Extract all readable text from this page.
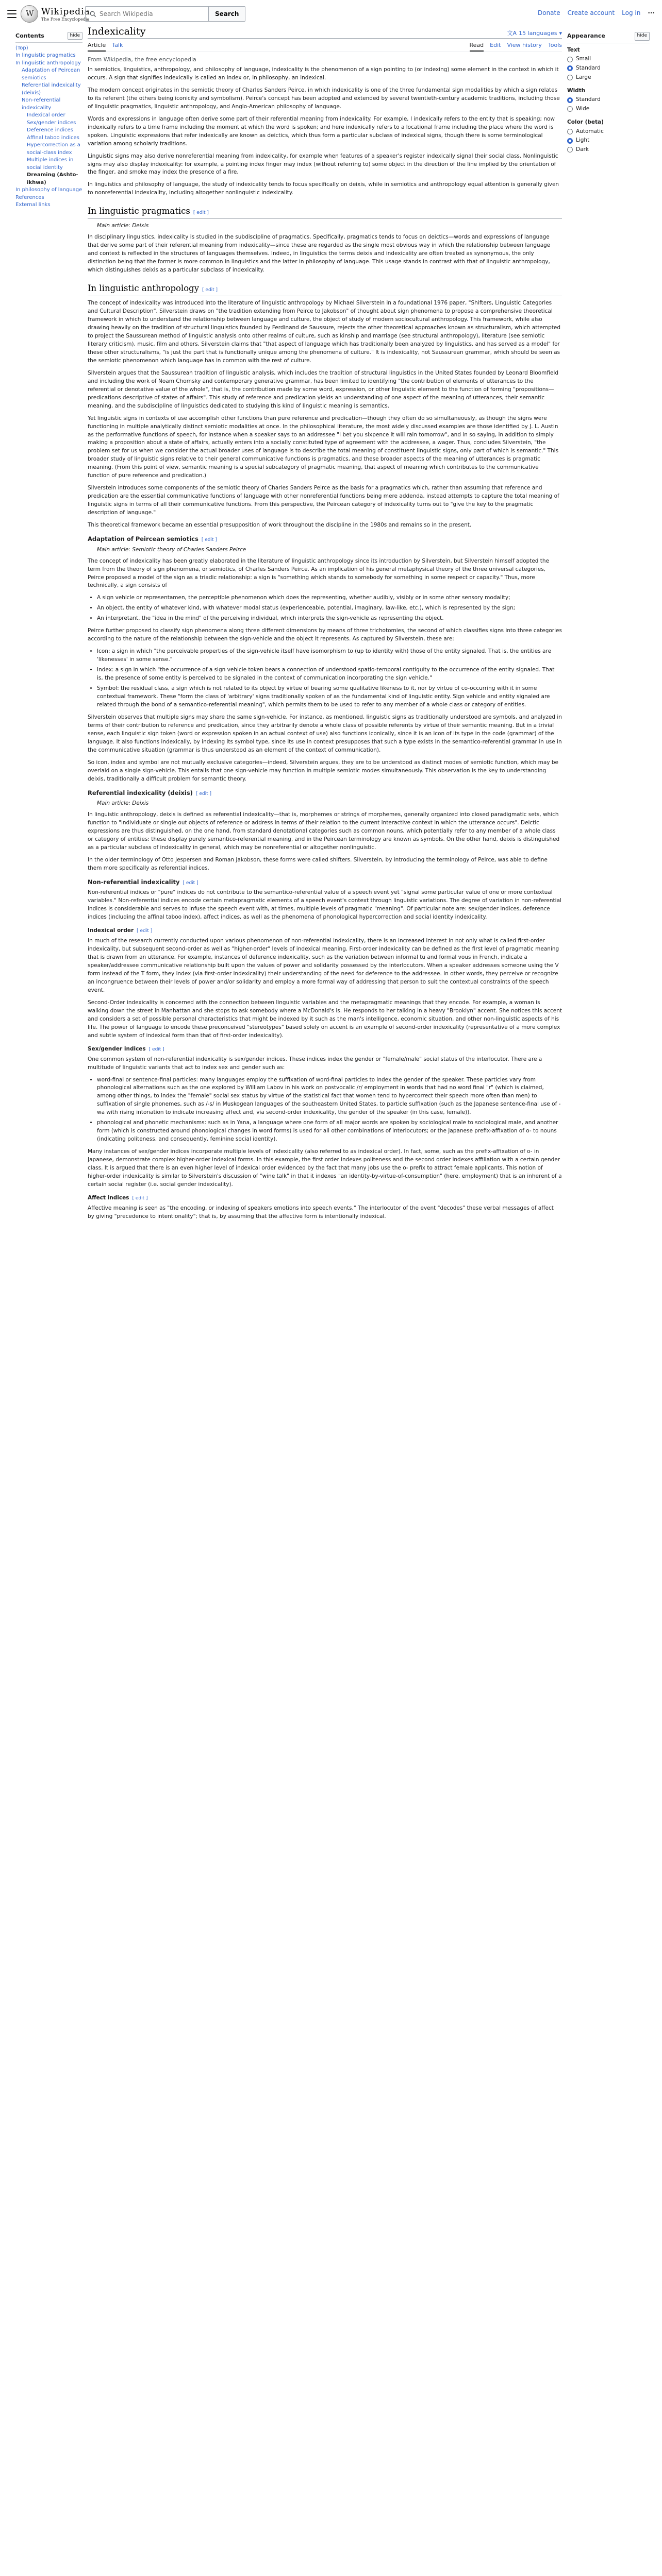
W
Wikipedia
The Free Encyclopedia
Search Wikipedia
Search	Donate Create account Log in ···
Contents	hide
(Top)
In linguistic pragmatics
In linguistic anthropology
Adaptation of Peircean semiotics
Referential indexicality (deixis)
Non-referential indexicality
Indexical order
Sex/gender indices
Deference indices
Affinal taboo indices
Hypercorrection as a social-class index
Multiple indices in social identity
Dreaming (Ashto-ikhwa)
In philosophy of language
References
External links
Indexicality	文A 15 languages ▾
Article Talk	Read Edit View history Tools
From Wikipedia, the free encyclopedia

In semiotics, linguistics, anthropology, and philosophy of language, indexicality is the phenomenon of a sign pointing to (or indexing) some element in the context in which it occurs. A sign that signifies indexically is called an index or, in philosophy, an indexical.

The modern concept originates in the semiotic theory of Charles Sanders Peirce, in which indexicality is one of the three fundamental sign modalities by which a sign relates to its referent (the others being iconicity and symbolism). Peirce's concept has been adopted and extended by several twentieth-century academic traditions, including those of linguistic pragmatics, linguistic anthropology, and Anglo-American philosophy of language.

Words and expressions in language often derive some part of their referential meaning from indexicality. For example, I indexically refers to the entity that is speaking; now indexically refers to a time frame including the moment at which the word is spoken; and here indexically refers to a locational frame including the place where the word is spoken. Linguistic expressions that refer indexically are known as deictics, which thus form a particular subclass of indexical signs, though there is some terminological variation among scholarly traditions.

Linguistic signs may also derive nonreferential meaning from indexicality, for example when features of a speaker's register indexically signal their social class. Nonlinguistic signs may also display indexicality: for example, a pointing index finger may index (without referring to) some object in the direction of the line implied by the orientation of the finger, and smoke may index the presence of a fire.

In linguistics and philosophy of language, the study of indexicality tends to focus specifically on deixis, while in semiotics and anthropology equal attention is generally given to nonreferential indexicality, including altogether nonlinguistic indexicality.

In linguistic pragmatics [ edit ]
Main article: Deixis

In disciplinary linguistics, indexicality is studied in the subdiscipline of pragmatics. Specifically, pragmatics tends to focus on deictics—words and expressions of language that derive some part of their referential meaning from indexicality—since these are regarded as the single most obvious way in which the relationship between language and context is reflected in the structures of languages themselves. Indeed, in linguistics the terms deixis and indexicality are often treated as synonymous, the only distinction being that the former is more common in linguistics and the latter in philosophy of language. This usage stands in contrast with that of linguistic anthropology, which distinguishes deixis as a particular subclass of indexicality.

In linguistic anthropology [ edit ]

The concept of indexicality was introduced into the literature of linguistic anthropology by Michael Silverstein in a foundational 1976 paper, "Shifters, Linguistic Categories and Cultural Description". Silverstein draws on "the tradition extending from Peirce to Jakobson" of thought about sign phenomena to propose a comprehensive theoretical framework in which to understand the relationship between language and culture, the object of study of modern sociocultural anthropology. This framework, while also drawing heavily on the tradition of structural linguistics founded by Ferdinand de Saussure, rejects the other theoretical approaches known as structuralism, which attempted to project the Saussurean method of linguistic analysis onto other realms of culture, such as kinship and marriage (see structural anthropology), literature (see semiotic literary criticism), music, film and others. Silverstein claims that "that aspect of language which has traditionally been analyzed by linguistics, and has served as a model" for these other structuralisms, "is just the part that is functionally unique among the phenomena of culture." It is indexicality, not Saussurean grammar, which should be seen as the semiotic phenomenon which language has in common with the rest of culture.

Silverstein argues that the Saussurean tradition of linguistic analysis, which includes the tradition of structural linguistics in the United States founded by Leonard Bloomfield and including the work of Noam Chomsky and contemporary generative grammar, has been limited to identifying "the contribution of elements of utterances to the referential or denotative value of the whole", that is, the contribution made by some word, expression, or other linguistic element to the function of forming "propositions—predications descriptive of states of affairs". This study of reference and predication yields an understanding of one aspect of the meaning of utterances, their semantic meaning, and the subdiscipline of linguistics dedicated to studying this kind of linguistic meaning is semantics.

Yet linguistic signs in contexts of use accomplish other functions than pure reference and predication—though they often do so simultaneously, as though the signs were functioning in multiple analytically distinct semiotic modalities at once. In the philosophical literature, the most widely discussed examples are those identified by J. L. Austin as the performative functions of speech, for instance when a speaker says to an addressee "I bet you sixpence it will rain tomorrow", and in so saying, in addition to simply making a proposition about a state of affairs, actually enters into a socially constituted type of agreement with the addressee, a wager. Thus, concludes Silverstein, "the problem set for us when we consider the actual broader uses of language is to describe the total meaning of constituent linguistic signs, only part of which is semantic." This broader study of linguistic signs relative to their general communicative functions is pragmatics, and these broader aspects of the meaning of utterances is pragmatic meaning. (From this point of view, semantic meaning is a special subcategory of pragmatic meaning, that aspect of meaning which contributes to the communicative function of pure reference and predication.)

Silverstein introduces some components of the semiotic theory of Charles Sanders Peirce as the basis for a pragmatics which, rather than assuming that reference and predication are the essential communicative functions of language with other nonreferential functions being mere addenda, instead attempts to capture the total meaning of linguistic signs in terms of all their communicative functions. From this perspective, the Peircean category of indexicality turns out to "give the key to the pragmatic description of language."

This theoretical framework became an essential presupposition of work throughout the discipline in the 1980s and remains so in the present.

Adaptation of Peircean semiotics [ edit ]
Main article: Semiotic theory of Charles Sanders Peirce

The concept of indexicality has been greatly elaborated in the literature of linguistic anthropology since its introduction by Silverstein, but Silverstein himself adopted the term from the theory of sign phenomena, or semiotics, of Charles Sanders Peirce. As an implication of his general metaphysical theory of the three universal categories, Peirce proposed a model of the sign as a triadic relationship: a sign is "something which stands to somebody for something in some respect or capacity." Thus, more technically, a sign consists of

• A sign vehicle or representamen, the perceptible phenomenon which does the representing, whether audibly, visibly or in some other sensory modality;
• An object, the entity of whatever kind, with whatever modal status (experienceable, potential, imaginary, law-like, etc.), which is represented by the sign;
• An interpretant, the "idea in the mind" of the perceiving individual, which interprets the sign-vehicle as representing the object.

Peirce further proposed to classify sign phenomena along three different dimensions by means of three trichotomies, the second of which classifies signs into three categories according to the nature of the relationship between the sign-vehicle and the object it represents. As captured by Silverstein, these are:

• Icon: a sign in which "the perceivable properties of the sign-vehicle itself have isomorphism to (up to identity with) those of the entity signaled. That is, the entities are 'likenesses' in some sense."
• Index: a sign in which "the occurrence of a sign vehicle token bears a connection of understood spatio-temporal contiguity to the occurrence of the entity signaled. That is, the presence of some entity is perceived to be signaled in the context of communication incorporating the sign vehicle."
• Symbol: the residual class, a sign which is not related to its object by virtue of bearing some qualitative likeness to it, nor by virtue of co-occurring with it in some contextual framework. These "form the class of 'arbitrary' signs traditionally spoken of as the fundamental kind of linguistic entity. Sign vehicle and entity signaled are related through the bond of a semantico-referential meaning", which permits them to be used to refer to any member of a whole class or category of entities.

Silverstein observes that multiple signs may share the same sign-vehicle. For instance, as mentioned, linguistic signs as traditionally understood are symbols, and analyzed in terms of their contribution to reference and predication, since they arbitrarily denote a whole class of possible referents by virtue of their semantic meaning. But in a trivial sense, each linguistic sign token (word or expression spoken in an actual context of use) also functions iconically, since it is an icon of its type in the code (grammar) of the language. It also functions indexically, by indexing its symbol type, since its use in context presupposes that such a type exists in the semantico-referential grammar in use in the communicative situation (grammar is thus understood as an element of the context of communication).

So icon, index and symbol are not mutually exclusive categories—indeed, Silverstein argues, they are to be understood as distinct modes of semiotic function, which may be overlaid on a single sign-vehicle. This entails that one sign-vehicle may function in multiple semiotic modes simultaneously. This observation is the key to understanding deixis, traditionally a difficult problem for semantic theory.

Referential indexicality (deixis) [ edit ]
Main article: Deixis

In linguistic anthropology, deixis is defined as referential indexicality—that is, morphemes or strings of morphemes, generally organized into closed paradigmatic sets, which function to "individuate or single out objects of reference or address in terms of their relation to the current interactive context in which the utterance occurs". Deictic expressions are thus distinguished, on the one hand, from standard denotational categories such as common nouns, which potentially refer to any member of a whole class or category of entities: these display purely semantico-referential meaning, and in the Peircean terminology are known as symbols. On the other hand, deixis is distinguished as a particular subclass of indexicality in general, which may be nonreferential or altogether nonlinguistic.

In the older terminology of Otto Jespersen and Roman Jakobson, these forms were called shifters. Silverstein, by introducing the terminology of Peirce, was able to define them more specifically as referential indices.

Non-referential indexicality [ edit ]

Non-referential indices or "pure" indices do not contribute to the semantico-referential value of a speech event yet "signal some particular value of one or more contextual variables." Non-referential indices encode certain metapragmatic elements of a speech event's context through linguistic variations. The degree of variation in non-referential indices is considerable and serves to infuse the speech event with, at times, multiple levels of pragmatic "meaning". Of particular note are: sex/gender indices, deference indices (including the affinal taboo index), affect indices, as well as the phenomena of phonological hypercorrection and social identity indexicality.

Indexical order [ edit ]

In much of the research currently conducted upon various phenomenon of non-referential indexicality, there is an increased interest in not only what is called first-order indexicality, but subsequent second-order as well as "higher-order" levels of indexical meaning. First-order indexicality can be defined as the first level of pragmatic meaning that is drawn from an utterance. For example, instances of deference indexicality, such as the variation between informal tu and formal vous in French, indicate a speaker/addressee communicative relationship built upon the values of power and solidarity possessed by the interlocutors. When a speaker addresses someone using the V form instead of the T form, they index (via first-order indexicality) their understanding of the need for deference to the addressee. In other words, they perceive or recognize an incongruence between their levels of power and/or solidarity and employ a more formal way of addressing that person to suit the contextual constraints of the speech event.

Second-Order indexicality is concerned with the connection between linguistic variables and the metapragmatic meanings that they encode. For example, a woman is walking down the street in Manhattan and she stops to ask somebody where a McDonald's is. He responds to her talking in a heavy "Brooklyn" accent. She notices this accent and considers a set of possible personal characteristics that might be indexed by it such as the man's intelligence, economic situation, and other non-linguistic aspects of his life. The power of language to encode these preconceived "stereotypes" based solely on accent is an example of second-order indexicality (representative of a more complex and subtle system of indexical form than that of first-order indexicality).

Sex/gender indices [ edit ]

One common system of non-referential indexicality is sex/gender indices. These indices index the gender or "female/male" social status of the interlocutor. There are a multitude of linguistic variants that act to index sex and gender such as:

• word-final or sentence-final particles: many languages employ the suffixation of word-final particles to index the gender of the speaker. These particles vary from phonological alternations such as the one explored by William Labov in his work on postvocalic /r/ employment in words that had no word final "r" (which is claimed, among other things, to index the "female" social sex status by virtue of the statistical fact that women tend to hypercorrect their speech more often than men) to suffixation of single phonemes, such as /-s/ in Muskogean languages of the southeastern United States, to particle suffixation (such as the Japanese sentence-final use of -wa with rising intonation to indicate increasing affect and, via second-order indexicality, the gender of the speaker (in this case, female)).
• phonological and phonetic mechanisms: such as in Yana, a language where one form of all major words are spoken by sociological male to sociological male, and another form (which is constructed around phonological changes in word forms) is used for all other combinations of interlocutors; or the Japanese prefix-affixation of o- to nouns (indicating politeness, and consequently, feminine social identity).

Many instances of sex/gender indices incorporate multiple levels of indexicality (also referred to as indexical order). In fact, some, such as the prefix-affixation of o- in Japanese, demonstrate complex higher-order indexical forms. In this example, the first order indexes politeness and the second order indexes affiliation with a certain gender class. It is argued that there is an even higher level of indexical order evidenced by the fact that many jobs use the o- prefix to attract female applicants. This notion of higher-order indexicality is similar to Silverstein's discussion of "wine talk" in that it indexes "an identity-by-virtue-of-consumption" (here, employment) that is an inherent of a certain social register (i.e. social gender indexicality).

Affect indices [ edit ]

Affective meaning is seen as "the encoding, or indexing of speakers emotions into speech events." The interlocutor of the event "decodes" these verbal messages of affect by giving "precedence to intentionality"; that is, by assuming that the affective form is intentionally indexical.

Appearance	hide
Text
Small
Standard
Large
Width
Standard
Wide
Color (beta)
Automatic
Light
Dark
